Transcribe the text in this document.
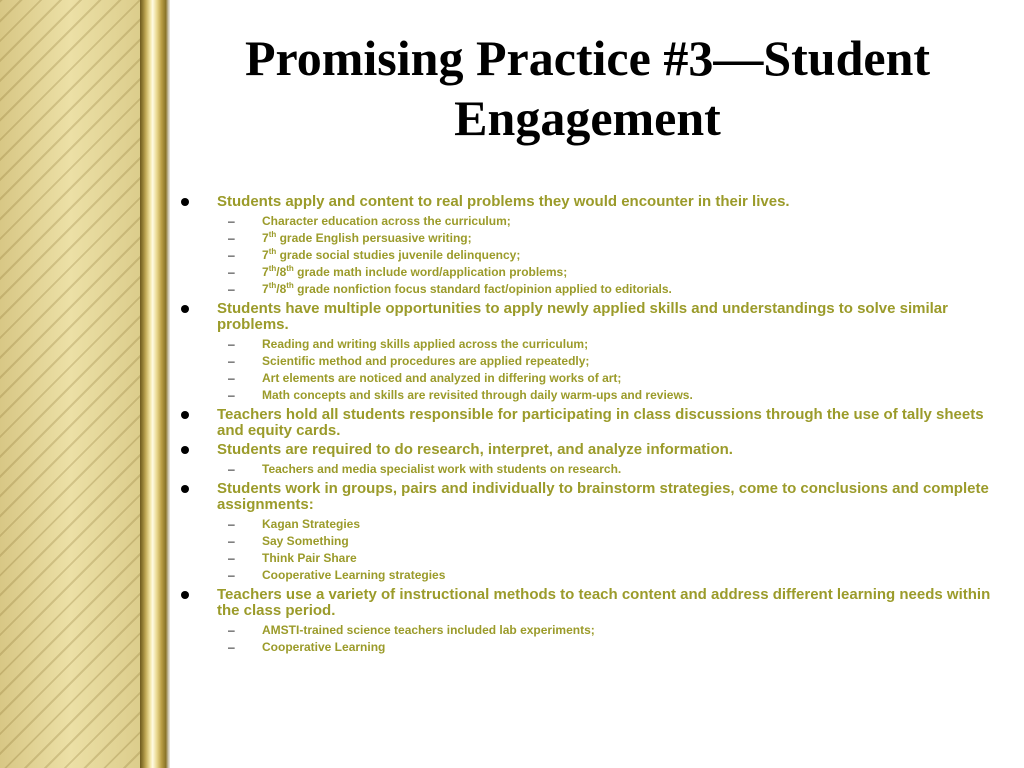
Promising Practice #3—Student Engagement
Students apply and content to real problems they would encounter in their lives.
– Character education across the curriculum;
– 7th grade English persuasive writing;
– 7th grade social studies juvenile delinquency;
– 7th/8th grade math include word/application problems;
– 7th/8th grade nonfiction focus standard fact/opinion applied to editorials.
Students have multiple opportunities to apply newly applied skills and understandings to solve similar problems.
– Reading and writing skills applied across the curriculum;
– Scientific method and procedures are applied repeatedly;
– Art elements are noticed and analyzed in differing works of art;
– Math concepts and skills are revisited through daily warm-ups and reviews.
Teachers hold all students responsible for participating in class discussions through the use of tally sheets and equity cards.
Students are required to do research, interpret, and analyze information.
– Teachers and media specialist work with students on research.
Students work in groups, pairs and individually to brainstorm strategies, come to conclusions and complete assignments:
– Kagan Strategies
– Say Something
– Think Pair Share
– Cooperative Learning strategies
Teachers use a variety of instructional methods to teach content and address different learning needs within the class period.
– AMSTI-trained science teachers included lab experiments;
– Cooperative Learning
